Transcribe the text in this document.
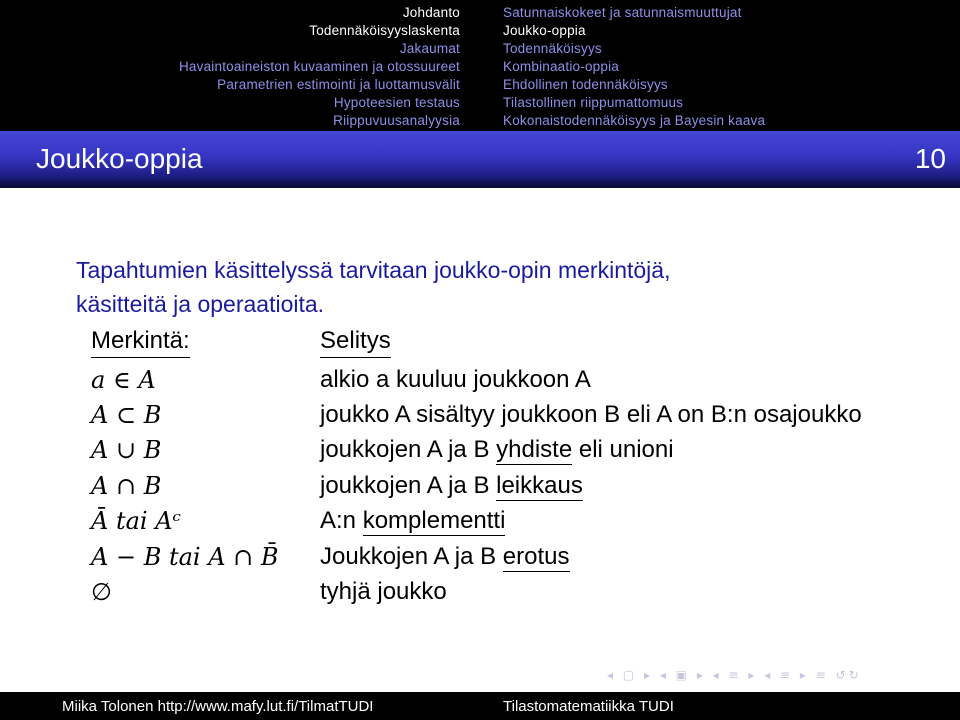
Johdanto
Todennäköisyyslaskenta
Jakaumat
Havaintoaineiston kuvaaminen ja otossuureet
Parametrien estimointi ja luottamusvälit
Hypoteesien testaus
Riippuvuusanalyysia
Satunnaiskokeet ja satunnaismuuttujat
Joukko-oppia
Todennäköisyys
Kombinaatio-oppia
Ehdollinen todennäköisyys
Tilastollinen riippumattomuus
Kokonaistodennäköisyys ja Bayesin kaava
Joukko-oppia	10
Tapahtumien käsittelyssä tarvitaan joukko-opin merkintöjä,
käsitteitä ja operaatioita.
Merkintä:	Selitys
a ∈ A	alkio a kuuluu joukkoon A
A ⊂ B	joukko A sisältyy joukkoon B eli A on B:n osajoukko
A ∪ B	joukkojen A ja B yhdiste eli unioni
A ∩ B	joukkojen A ja B leikkaus
Ā tai Aᶜ	A:n komplementti
A − B tai A ∩ B̄ Joukkojen A ja B erotus
∅	tyhjä joukko
◂ ▢ ▸ ◂ ▣ ▸ ◂ ≡ ▸ ◂ ≡ ▸ ≡ ↺↻
Miika Tolonen http://www.mafy.lut.fi/TilmatTUDI	Tilastomatematiikka TUDI
